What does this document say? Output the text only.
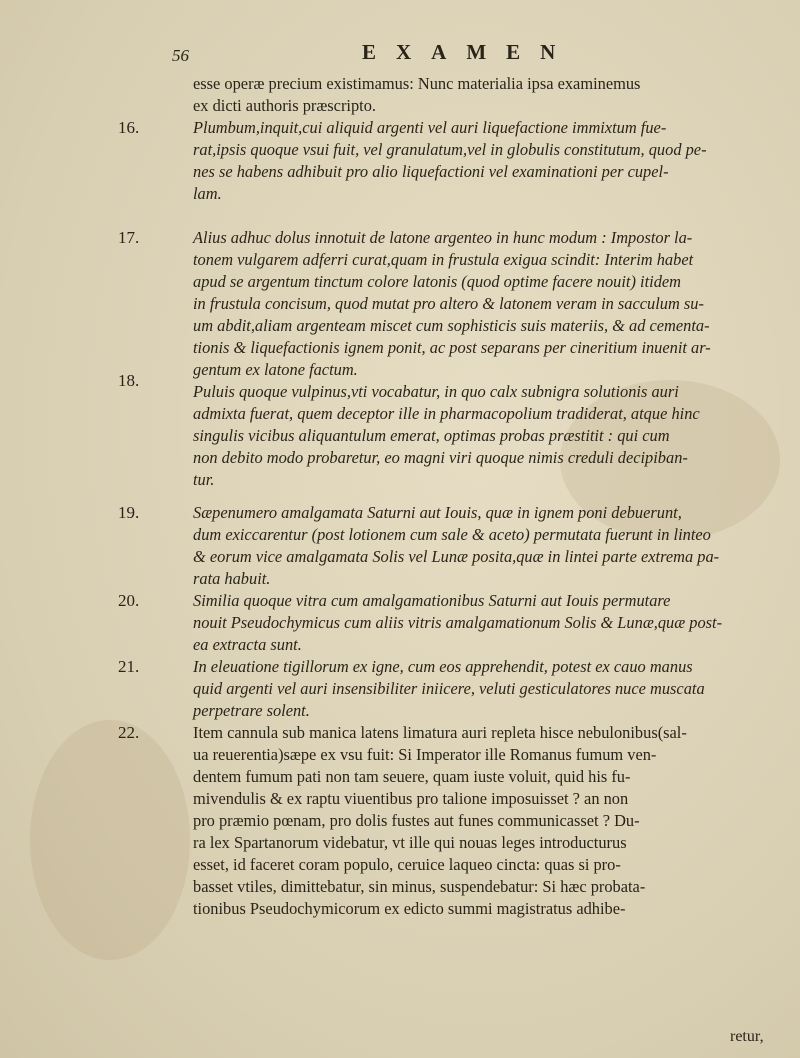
56	EXAMEN
16.
17.
18.
19.
20.
21.
22.
esse operæ precium existimamus: Nunc materialia ipsa examinemus
ex dicti authoris præscripto.
Plumbum,inquit,cui aliquid argenti vel auri liquefactione immixtum fue-
rat,ipsis quoque vsui fuit, vel granulatum,vel in globulis constitutum, quod pe-
nes se habens adhibuit pro alio liquefactioni vel examinationi per cupel-
lam.
Alius adhuc dolus innotuit de latone argenteo in hunc modum : Impostor la-
tonem vulgarem adferri curat,quam in frustula exigua scindit: Interim habet
apud se argentum tinctum colore latonis (quod optime facere nouit) itidem
in frustula concisum, quod mutat pro altero & latonem veram in sacculum su-
um abdit,aliam argenteam miscet cum sophisticis suis materiis, & ad cementa-
tionis & liquefactionis ignem ponit, ac post separans per cineritium inuenit ar-
gentum ex latone factum.
Puluis quoque vulpinus,vti vocabatur, in quo calx subnigra solutionis auri
admixta fuerat, quem deceptor ille in pharmacopolium tradiderat, atque hinc
singulis vicibus aliquantulum emerat, optimas probas præstitit : qui cum
non debito modo probaretur, eo magni viri quoque nimis creduli decipiban-
tur.
Sæpenumero amalgamata Saturni aut Iouis, quæ in ignem poni debuerunt,
dum exiccarentur (post lotionem cum sale & aceto) permutata fuerunt in linteo
& eorum vice amalgamata Solis vel Lunæ posita,quæ in lintei parte extrema pa-
rata habuit.
Similia quoque vitra cum amalgamationibus Saturni aut Iouis permutare
nouit Pseudochymicus cum aliis vitris amalgamationum Solis & Lunæ,quæ post-
ea extracta sunt.
In eleuatione tigillorum ex igne, cum eos apprehendit, potest ex cauo manus
quid argenti vel auri insensibiliter iniicere, veluti gesticulatores nuce muscata
perpetrare solent.
Item cannula sub manica latens limatura auri repleta hisce nebulonibus(sal-
ua reuerentia)sæpe ex vsu fuit: Si Imperator ille Romanus fumum ven-
dentem fumum pati non tam seuere, quam iuste voluit, quid his fu-
mivendulis & ex raptu viuentibus pro talione imposuisset ? an non
pro præmio pœnam, pro dolis fustes aut funes communicasset ? Du-
ra lex Spartanorum videbatur, vt ille qui nouas leges introducturus
esset, id faceret coram populo, ceruice laqueo cincta: quas si pro-
basset vtiles, dimittebatur, sin minus, suspendebatur: Si hæc probata-
tionibus Pseudochymicorum ex edicto summi magistratus adhibe-
retur,
